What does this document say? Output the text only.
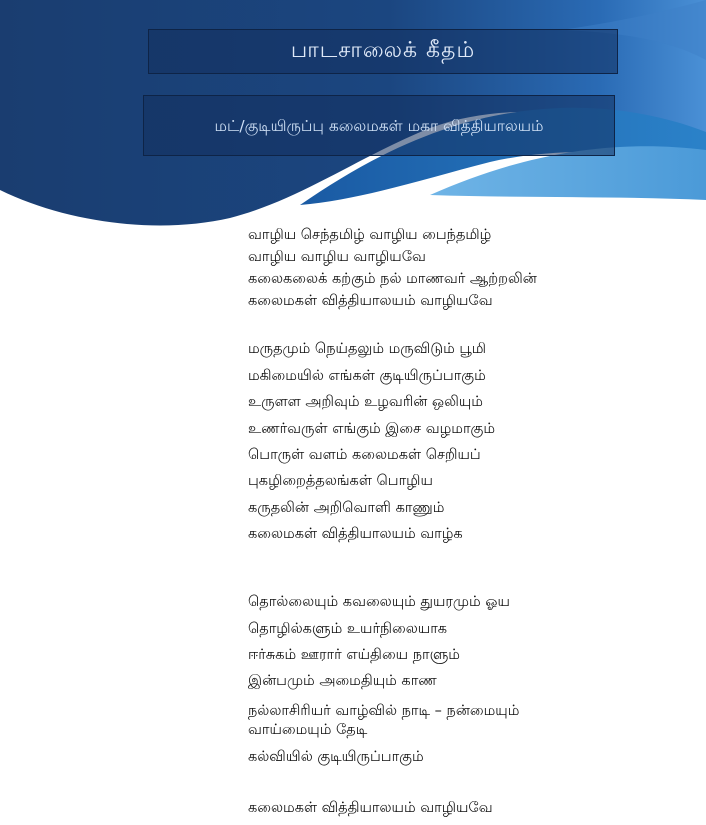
பாடசாலைக் கீதம்
மட்/குடியிருப்பு கலைமகள் மகா வித்தியாலயம்
வாழிய செந்தமிழ் வாழிய பைந்தமிழ்
வாழிய வாழிய வாழியவே
கலைகலைக் கற்கும் நல் மாணவர் ஆற்றலின்
கலைமகள் வித்தியாலயம் வாழியவே
மருதமும் நெய்தலும் மருவிடும் பூமி
மகிமையில் எங்கள் குடியிருப்பாகும்
உருளள அறிவும் உழவரின் ஒலியும்
உணர்வருள் எங்கும் இசை வழமாகும்
பொருள் வளம் கலைமகள் செறியப்
புகழிறைத்தலங்கள் பொழிய
கருதலின் அறிவொளி காணும்
கலைமகள் வித்தியாலயம் வாழ்க
தொல்லையும் கவலையும் துயரமும் ஓய
தொழில்களும் உயர்நிலையாக
ஈர்சுகம் ஊரார் எய்தியை நாளும்
இன்பமும் அமைதியும் காண
நல்லாசிரியர் வாழ்வில் நாடி – நன்மையும் வாய்மையும் தேடி
கல்வியில் குடியிருப்பாகும்
கலைமகள் வித்தியாலயம் வாழியவே
